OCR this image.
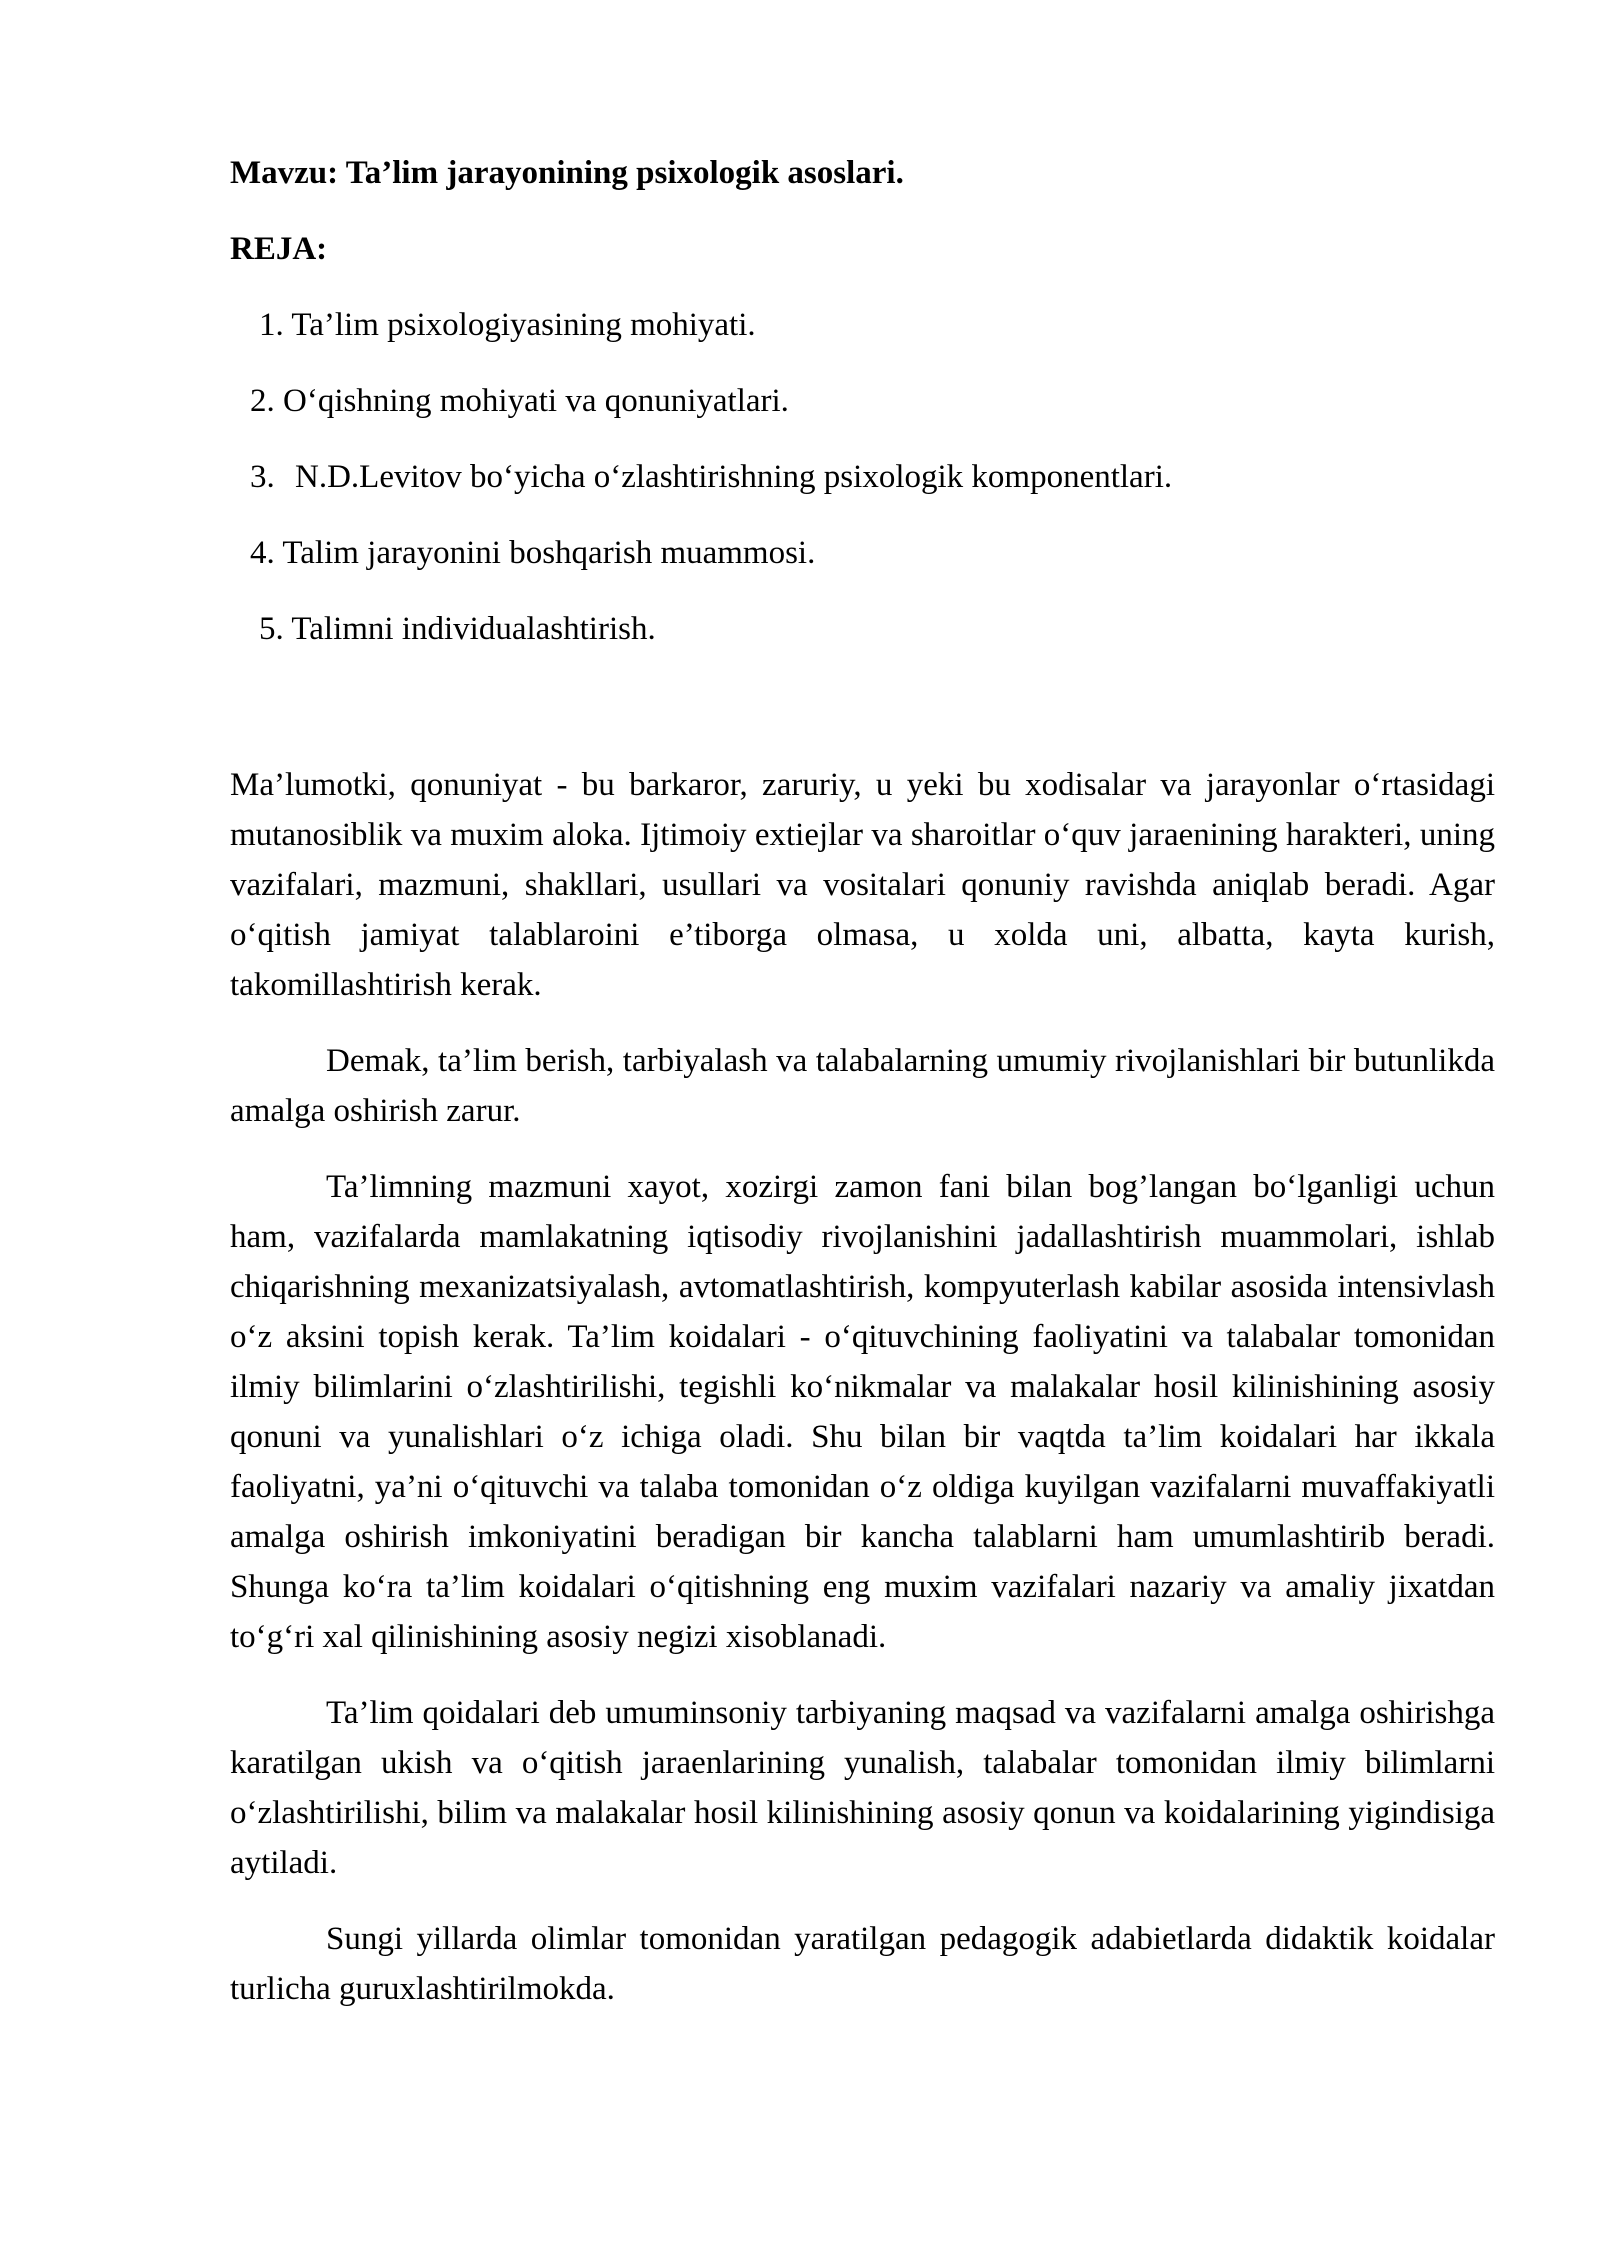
Mavzu: Ta’lim jarayonining psixologik asoslari.

REJA:

1. Ta’lim psixologiyasining mohiyati.
2. O‘qishning mohiyati va qonuniyatlari.
3. N.D.Levitov bo‘yicha o‘zlashtirishning psixologik komponentlari.
4. Talim jarayonini boshqarish muammosi.
5. Talimni individualashtirish.

Ma’lumotki, qonuniyat - bu barkaror, zaruriy, u yeki bu xodisalar va jarayonlar o‘rtasidagi mutanosiblik va muxim aloka. Ijtimoiy extiejlar va sharoitlar o‘quv jaraenining harakteri, uning vazifalari, mazmuni, shakllari, usullari va vositalari qonuniy ravishda aniqlab beradi. Agar o‘qitish jamiyat talablaroini e’tiborga olmasa, u xolda uni, albatta, kayta kurish, takomillashtirish kerak.

Demak, ta’lim berish, tarbiyalash va talabalarning umumiy rivojlanishlari bir butunlikda amalga oshirish zarur.

Ta’limning mazmuni xayot, xozirgi zamon fani bilan bog’langan bo‘lganligi uchun ham, vazifalarda mamlakatning iqtisodiy rivojlanishini jadallashtirish muammolari, ishlab chiqarishning mexanizatsiyalash, avtomatlashtirish, kompyuterlash kabilar asosida intensivlash o‘z aksini topish kerak. Ta’lim koidalari - o‘qituvchining faoliyatini va talabalar tomonidan ilmiy bilimlarini o‘zlashtirilishi, tegishli ko‘nikmalar va malakalar hosil kilinishining asosiy qonuni va yunalishlari o‘z ichiga oladi. Shu bilan bir vaqtda ta’lim koidalari har ikkala faoliyatni, ya’ni o‘qituvchi va talaba tomonidan o‘z oldiga kuyilgan vazifalarni muvaffakiyatli amalga oshirish imkoniyatini beradigan bir kancha talablarni ham umumlashtirib beradi. Shunga ko‘ra ta’lim koidalari o‘qitishning eng muxim vazifalari nazariy va amaliy jixatdan to‘g‘ri xal qilinishining asosiy negizi xisoblanadi.

Ta’lim qoidalari deb umuminsoniy tarbiyaning maqsad va vazifalarni amalga oshirishga karatilgan ukish va o‘qitish jaraenlarining yunalish, talabalar tomonidan ilmiy bilimlarni o‘zlashtirilishi, bilim va malakalar hosil kilinishining asosiy qonun va koidalarining yigindisiga aytiladi.

Sungi yillarda olimlar tomonidan yaratilgan pedagogik adabietlarda didaktik koidalar turlicha guruxlashtirilmokda.
